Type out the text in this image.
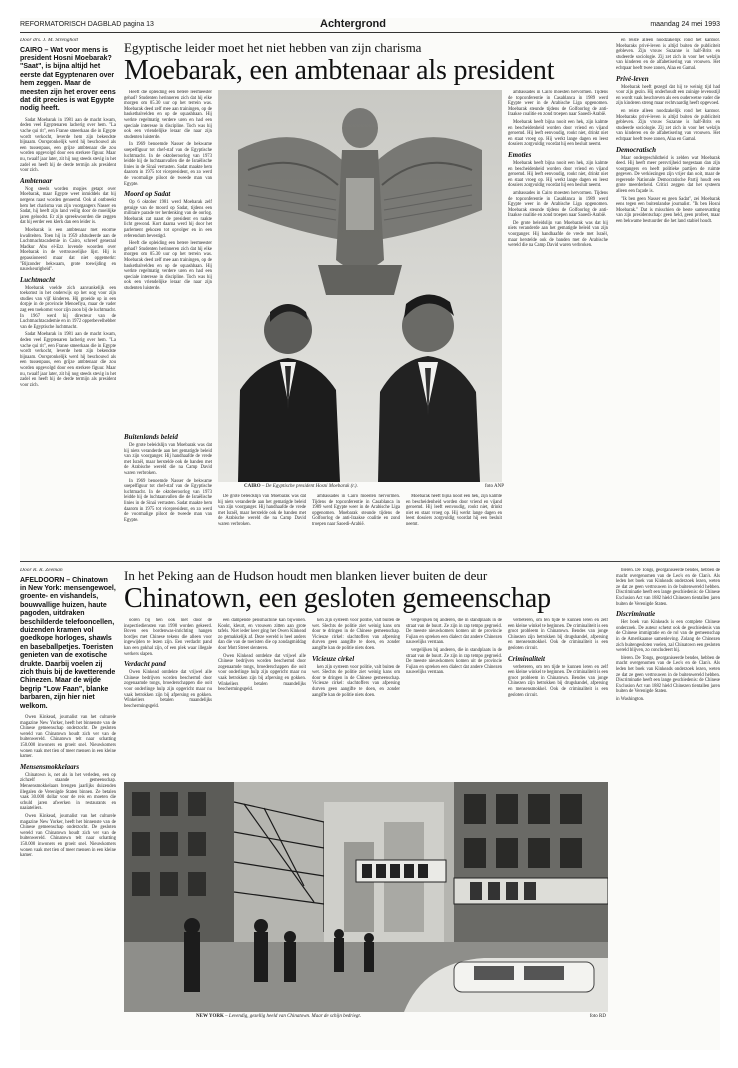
REFORMATORISCH DAGBLAD pagina 13	Achtergrond	maandag 24 mei 1993
Door drs. J. M. Strengholt
CAIRO – Wat voor mens is president Hosni Moebarak? "Saat", is bijna altijd het eerste dat Egyptenaren over hem zeggen. Maar de meesten zijn het erover eens dat dit precies is wat Egypte nodig heeft.

Sadat Moebarak in 1981 aan de macht kwam, deden veel Egyptenaren lacherig over hem. "La vache qui rit", een Franse smeerkaas die in Egypte wordt verkocht, leverde hem zijn bekendste bijnaam. Oorspronkelijk werd hij beschouwd als een tussenpaus, een grijze ambtenaar die zou worden opgevolgd door een sterkere figuur. Maar nu, twaalf jaar later, zit hij nog steeds stevig in het zadel en heeft hij de derde termijn als president voor zich.

Ambtenaar

Nog steeds worden mopjes getapt over Moebarak, maar Egypte weet inmiddels dat hij nergens raast worden genoemd. Ook al ontbreekt hem het charisma van zijn voorgangers Nasser en Sadat, hij heeft zijn land veilig door de moeilijke jaren geloodst. Er zijn spreekwoorden die zeggen dat hij eerder een klerk dan een leider is.

Moebarak is een ambtenaar met enorme kwaliteiten. Toen hij in 1959 afstudeerde aan de Luchtmachtacademie in Cairo, schreef generaal Madkur Abu el-Ezz lovende woorden over Moebarak in de vertrouwelijke lijst. Hij is gepassioneerd maar dat niet opgemerkt: "Bijzonder bekwaam, grote toewijding en nauwkeurigheid".

Luchtmacht

Moebarak voelde zich aanvankelijk een toekomst in het onderwijs op het oog voor zijn studies van vijf kinderen. Hij groeide op in een dorpje in de provincie Menoefiya, maar de vader zag een toekomst voor zijn zoon bij de luchtmacht. In 1967 werd hij directeur van de Luchtmachtacademie en in 1972 opperbevelhebber van de Egyptische luchtmacht.

Sadat Moebarak in 1981 aan de macht kwam, deden veel Egyptenaren lacherig over hem. "La vache qui rit", een Franse smeerkaas die in Egypte wordt verkocht, leverde hem zijn bekendste bijnaam. Oorspronkelijk werd hij beschouwd als een tussenpaus, een grijze ambtenaar die zou worden opgevolgd door een sterkere figuur. Maar nu, twaalf jaar later, zit hij nog steeds stevig in het zadel en heeft hij de derde termijn als president voor zich.

Egyptische leider moet het niet hebben van zijn charisma
Moebarak, een ambtenaar als president

Heeft die opleiding een betere leermeester gehad? Studenten herinneren zich dat hij elke morgen om 05.30 uur op het terrein was. Moebarak deed zelf mee aan trainingen, op de basketbalvelden en op de squashbaan. Hij werkte regelmatig verdere uren en had een speciale interesse in discipline. Toch was hij ook een vriendelijke leraar die naar zijn studenten luisterde.

In 1969 benoemde Nasser de bekwame soepelfiguur tot chef-staf van de Egyptische luchtmacht. In de oktoberoorlog van 1973 leidde hij de luchtaanvallen die de Israëlische linies in de Sinaï verrasten. Sadat maakte hem daarom in 1975 tot vicepresident, en zo werd de voormalige piloot de tweede man van Egypte.

Moord op Sadat

Op 6 oktober 1981 werd Moebarak zelf getuige van de moord op Sadat, tijdens een militaire parade ter herdenking van de oorlog. Moebarak zat naast de president en raakte licht gewond. Kort daarna werd hij door het parlement gekozen tot opvolger en in een referendum bevestigd.

Heeft die opleiding een betere leermeester gehad? Studenten herinneren zich dat hij elke morgen om 05.30 uur op het terrein was. Moebarak deed zelf mee aan trainingen, op de basketbalvelden en op de squashbaan. Hij werkte regelmatig verdere uren en had een speciale interesse in discipline. Toch was hij ook een vriendelijke leraar die naar zijn studenten luisterde.

Buitenlands beleid

De grote beleidslijn van Moebarak was dat hij niets veranderde aan het gematigde beleid van zijn voorganger. Hij handhaafde de vrede met Israël, maar herstelde ook de banden met de Arabische wereld die na Camp David waren verbroken.

In 1969 benoemde Nasser de bekwame soepelfiguur tot chef-staf van de Egyptische luchtmacht. In de oktoberoorlog van 1973 leidde hij de luchtaanvallen die de Israëlische linies in de Sinaï verrasten. Sadat maakte hem daarom in 1975 tot vicepresident, en zo werd de voormalige piloot de tweede man van Egypte.

CAIRO – De Egyptische president Hosni Moebarak (r.).	foto ANP

De grote beleidslijn van Moebarak was dat hij niets veranderde aan het gematigde beleid van zijn voorganger. Hij handhaafde de vrede met Israël, maar herstelde ook de banden met de Arabische wereld die na Camp David waren verbroken.

ambassades in Cairo moesten hervormen. Tijdens de topconferentie in Casablanca in 1989 werd Egypte weer in de Arabische Liga opgenomen. Moebarak steunde tijdens de Golfoorlog de anti-Iraakse coalitie en zond troepen naar Saoedi-Arabië.

Moebarak heeft bijna nooit een hek, zijn kalmte en bescheidenheid worden door vriend en vijand geroemd. Hij leeft eenvoudig, rookt niet, drinkt niet en staat vroeg op. Hij werkt lange dagen en leest dossiers zorgvuldig voordat hij een besluit neemt.

ambassades in Cairo moesten hervormen. Tijdens de topconferentie in Casablanca in 1989 werd Egypte weer in de Arabische Liga opgenomen. Moebarak steunde tijdens de Golfoorlog de anti-Iraakse coalitie en zond troepen naar Saoedi-Arabië.

Moebarak heeft bijna nooit een hek, zijn kalmte en bescheidenheid worden door vriend en vijand geroemd. Hij leeft eenvoudig, rookt niet, drinkt niet en staat vroeg op. Hij werkt lange dagen en leest dossiers zorgvuldig voordat hij een besluit neemt.

Emoties

Moebarak heeft bijna nooit een hek, zijn kalmte en bescheidenheid worden door vriend en vijand geroemd. Hij leeft eenvoudig, rookt niet, drinkt niet en staat vroeg op. Hij werkt lange dagen en leest dossiers zorgvuldig voordat hij een besluit neemt.

ambassades in Cairo moesten hervormen. Tijdens de topconferentie in Casablanca in 1989 werd Egypte weer in de Arabische Liga opgenomen. Moebarak steunde tijdens de Golfoorlog de anti-Iraakse coalitie en zond troepen naar Saoedi-Arabië.

De grote beleidslijn van Moebarak was dat hij niets veranderde aan het gematigde beleid van zijn voorganger. Hij handhaafde de vrede met Israël, maar herstelde ook de banden met de Arabische wereld die na Camp David waren verbroken.

en reiste alleen noodzakelijk rond het kantoor. Moebaraks privé-leven is altijd buiten de publiciteit gebleven. Zijn vrouw Suzanne is half-Brits en studeerde sociologie. Zij zet zich in voor het welzijn van kinderen en de alfabetisering van vrouwen. Het echtpaar heeft twee zonen, Alaa en Gamal.

Privé-leven

Moebarak heeft gezegd dat hij te weinig tijd had voor zijn gezin. Hij onderhoudt een zuinige levensstijl en wordt vaak beschreven als een ouderwetse vader die zijn kinderen streng maar rechtvaardig heeft opgevoed.

en reiste alleen noodzakelijk rond het kantoor. Moebaraks privé-leven is altijd buiten de publiciteit gebleven. Zijn vrouw Suzanne is half-Brits en studeerde sociologie. Zij zet zich in voor het welzijn van kinderen en de alfabetisering van vrouwen. Het echtpaar heeft twee zonen, Alaa en Gamal.

Democratisch

Maar ondergeschiktheid is zelden wat Moebarak deed. Hij heeft meer persvrijheid toegestaan dan zijn voorgangers en heeft politieke partijen de ruimte gegeven. De verkiezingen zijn vrijer dan ooit, maar de regerende Nationale Democratische Partij houdt een grote meerderheid. Critici zeggen dat het systeem alleen een façade is.

"Ik ben geen Nasser en geen Sadat", zei Moebarak eens tegen een buitenlandse journalist. "Ik ben Hosni Moebarak." Dat is misschien de beste samenvatting van zijn presidentschap: geen held, geen profeet, maar een bekwame bestuurder die het land stabiel houdt.

Door R. R. Zeeman
AFELDOORN – Chinatown in New York: mensengewoel, groente- en vishandels, bouwvallige huizen, haute pagoden, uitdraken beschilderde telefooncellen, duizenden kramen vol goedkope horloges, shawls en baseballpetjes. Toeristen genieten van de exotische drukte. Daarbij voelen zij zich thuis bij de kwetterende Chinezen. Maar de wijde begrip "Low Faan", blanke barbaren, zijn hier niet welkom.

Owen Kinkead, journalist van het culturele magazine New Yorker, heeft het binnenste van de Chinese gemeenschap onderzocht. De gesloten wereld van Chinatown houdt zich ver van de buitenwereld. Chinatown telt naar schatting 150.000 inwoners en groeit snel. Nieuwkomers wonen vaak met tien of meer mensen in een kleine kamer.

Mensensmokkelaars

Chinatown is, net als in het verleden, een op zichzelf staande gemeenschap. Mensensmokkelaars brengen jaarlijks duizenden illegalen de Verenigde Staten binnen. Ze betalen vaak 30.000 dollar voor de reis en moeten die schuld jaren afwerken in restaurants en naaiateliers.

Owen Kinkead, journalist van het culturele magazine New Yorker, heeft het binnenste van de Chinese gemeenschap onderzocht. De gesloten wereld van Chinatown houdt zich ver van de buitenwereld. Chinatown telt naar schatting 150.000 inwoners en groeit snel. Nieuwkomers wonen vaak met tien of meer mensen in een kleine kamer.

In het Peking aan de Hudson houdt men blanken liever buiten de deur
Chinatown, een gesloten gemeenschap

ooren bij hen ook niet door de inspectiediensten van 1990 worden gekeerd. Boven een bordenwas-inrichting hangen bordjes met Chinese tekens die alleen voor ingewijden te lezen zijn. Een verdacht pand kan een gokhal zijn, of een plek waar illegale werkers slapen.

Verdacht pand

Owen Kinkead ontdekte dat vrijwel alle Chinese bedrijven worden beschermd door zogenaamde tongs, broederschappen die ooit voor onderlinge hulp zijn opgericht maar nu vaak betrokken zijn bij afpersing en gokken. Winkeliers betalen maandelijks beschermingsgeld.

een dampende pensmachine kan bijwonen. Kookt, kleurt, en vrouwen zitten aan grote tafels. Niet ieder keer ging het Owen Kinkead zo gemakkelijk af. Deze wereld is heel anders dan die van de toeristen die op zondagmiddag door Mott Street slenteren.

Owen Kinkead ontdekte dat vrijwel alle Chinese bedrijven worden beschermd door zogenaamde tongs, broederschappen die ooit voor onderlinge hulp zijn opgericht maar nu vaak betrokken zijn bij afpersing en gokken. Winkeliers betalen maandelijks beschermingsgeld.

ken zijn systeem voor politie, valt buiten de wet. Slechts de politie ziet weinig kans om door te dringen in de Chinese gemeenschap. Vicieuze cirkel: slachtoffers van afpersing durven geen aangifte te doen, en zonder aangifte kan de politie niets doen.

Vicieuze cirkel

ken zijn systeem voor politie, valt buiten de wet. Slechts de politie ziet weinig kans om door te dringen in de Chinese gemeenschap. Vicieuze cirkel: slachtoffers van afpersing durven geen aangifte te doen, en zonder aangifte kan de politie niets doen.

vergelijken bij anderen, die in standplaats in de straat van de buurt. Ze zijn in rap tempo gegroeid. De meeste nieuwkomers komen uit de provincie Fujian en spreken een dialect dat andere Chinezen nauwelijks verstaan.

vergelijken bij anderen, die in standplaats in de straat van de buurt. Ze zijn in rap tempo gegroeid. De meeste nieuwkomers komen uit de provincie Fujian en spreken een dialect dat andere Chinezen nauwelijks verstaan.

verbeteren, om ten tijde te kunnen leren en zelf een kleine winkel te beginnen. De criminaliteit is een groot probleem in Chinatown. Bendes van jonge Chinezen zijn betrokken bij drugshandel, afpersing en mensensmokkel. Ook de criminaliteit is een gesloten circuit.

Criminaliteit

verbeteren, om ten tijde te kunnen leren en zelf een kleine winkel te beginnen. De criminaliteit is een groot probleem in Chinatown. Bendes van jonge Chinezen zijn betrokken bij drugshandel, afpersing en mensensmokkel. Ook de criminaliteit is een gesloten circuit.

NEW YORK – Levendig, gezellig heeld van Chinatown. Maar de schijn bedriegt.	foto RD

bleren. De Tongs, georganiseerde bendes, hebben de macht overgenomen van de Leo's en de Clan's. Als leden het boek van Kinkeads onderzoek lezen, weten ze dat ze geen vertrouwen in de buitenwereld hebben. Discriminatie heeft een lange geschiedenis: de Chinese Exclusion Act van 1882 hield Chinezen tientallen jaren buiten de Verenigde Staten.

Discriminatie

Het boek van Kinkeads is een complete Chinese onderzoek. De auteur schetst ook de geschiedenis van de Chinese immigratie en de rol van de gemeenschap in de Amerikaanse samenleving. Zolang de Chinezen zich buitengesloten voelen, zal Chinatown een gesloten wereld blijven, zo concludeert hij.

bleren. De Tongs, georganiseerde bendes, hebben de macht overgenomen van de Leo's en de Clan's. Als leden het boek van Kinkeads onderzoek lezen, weten ze dat ze geen vertrouwen in de buitenwereld hebben. Discriminatie heeft een lange geschiedenis: de Chinese Exclusion Act van 1882 hield Chinezen tientallen jaren buiten de Verenigde Staten.

in Washington.
